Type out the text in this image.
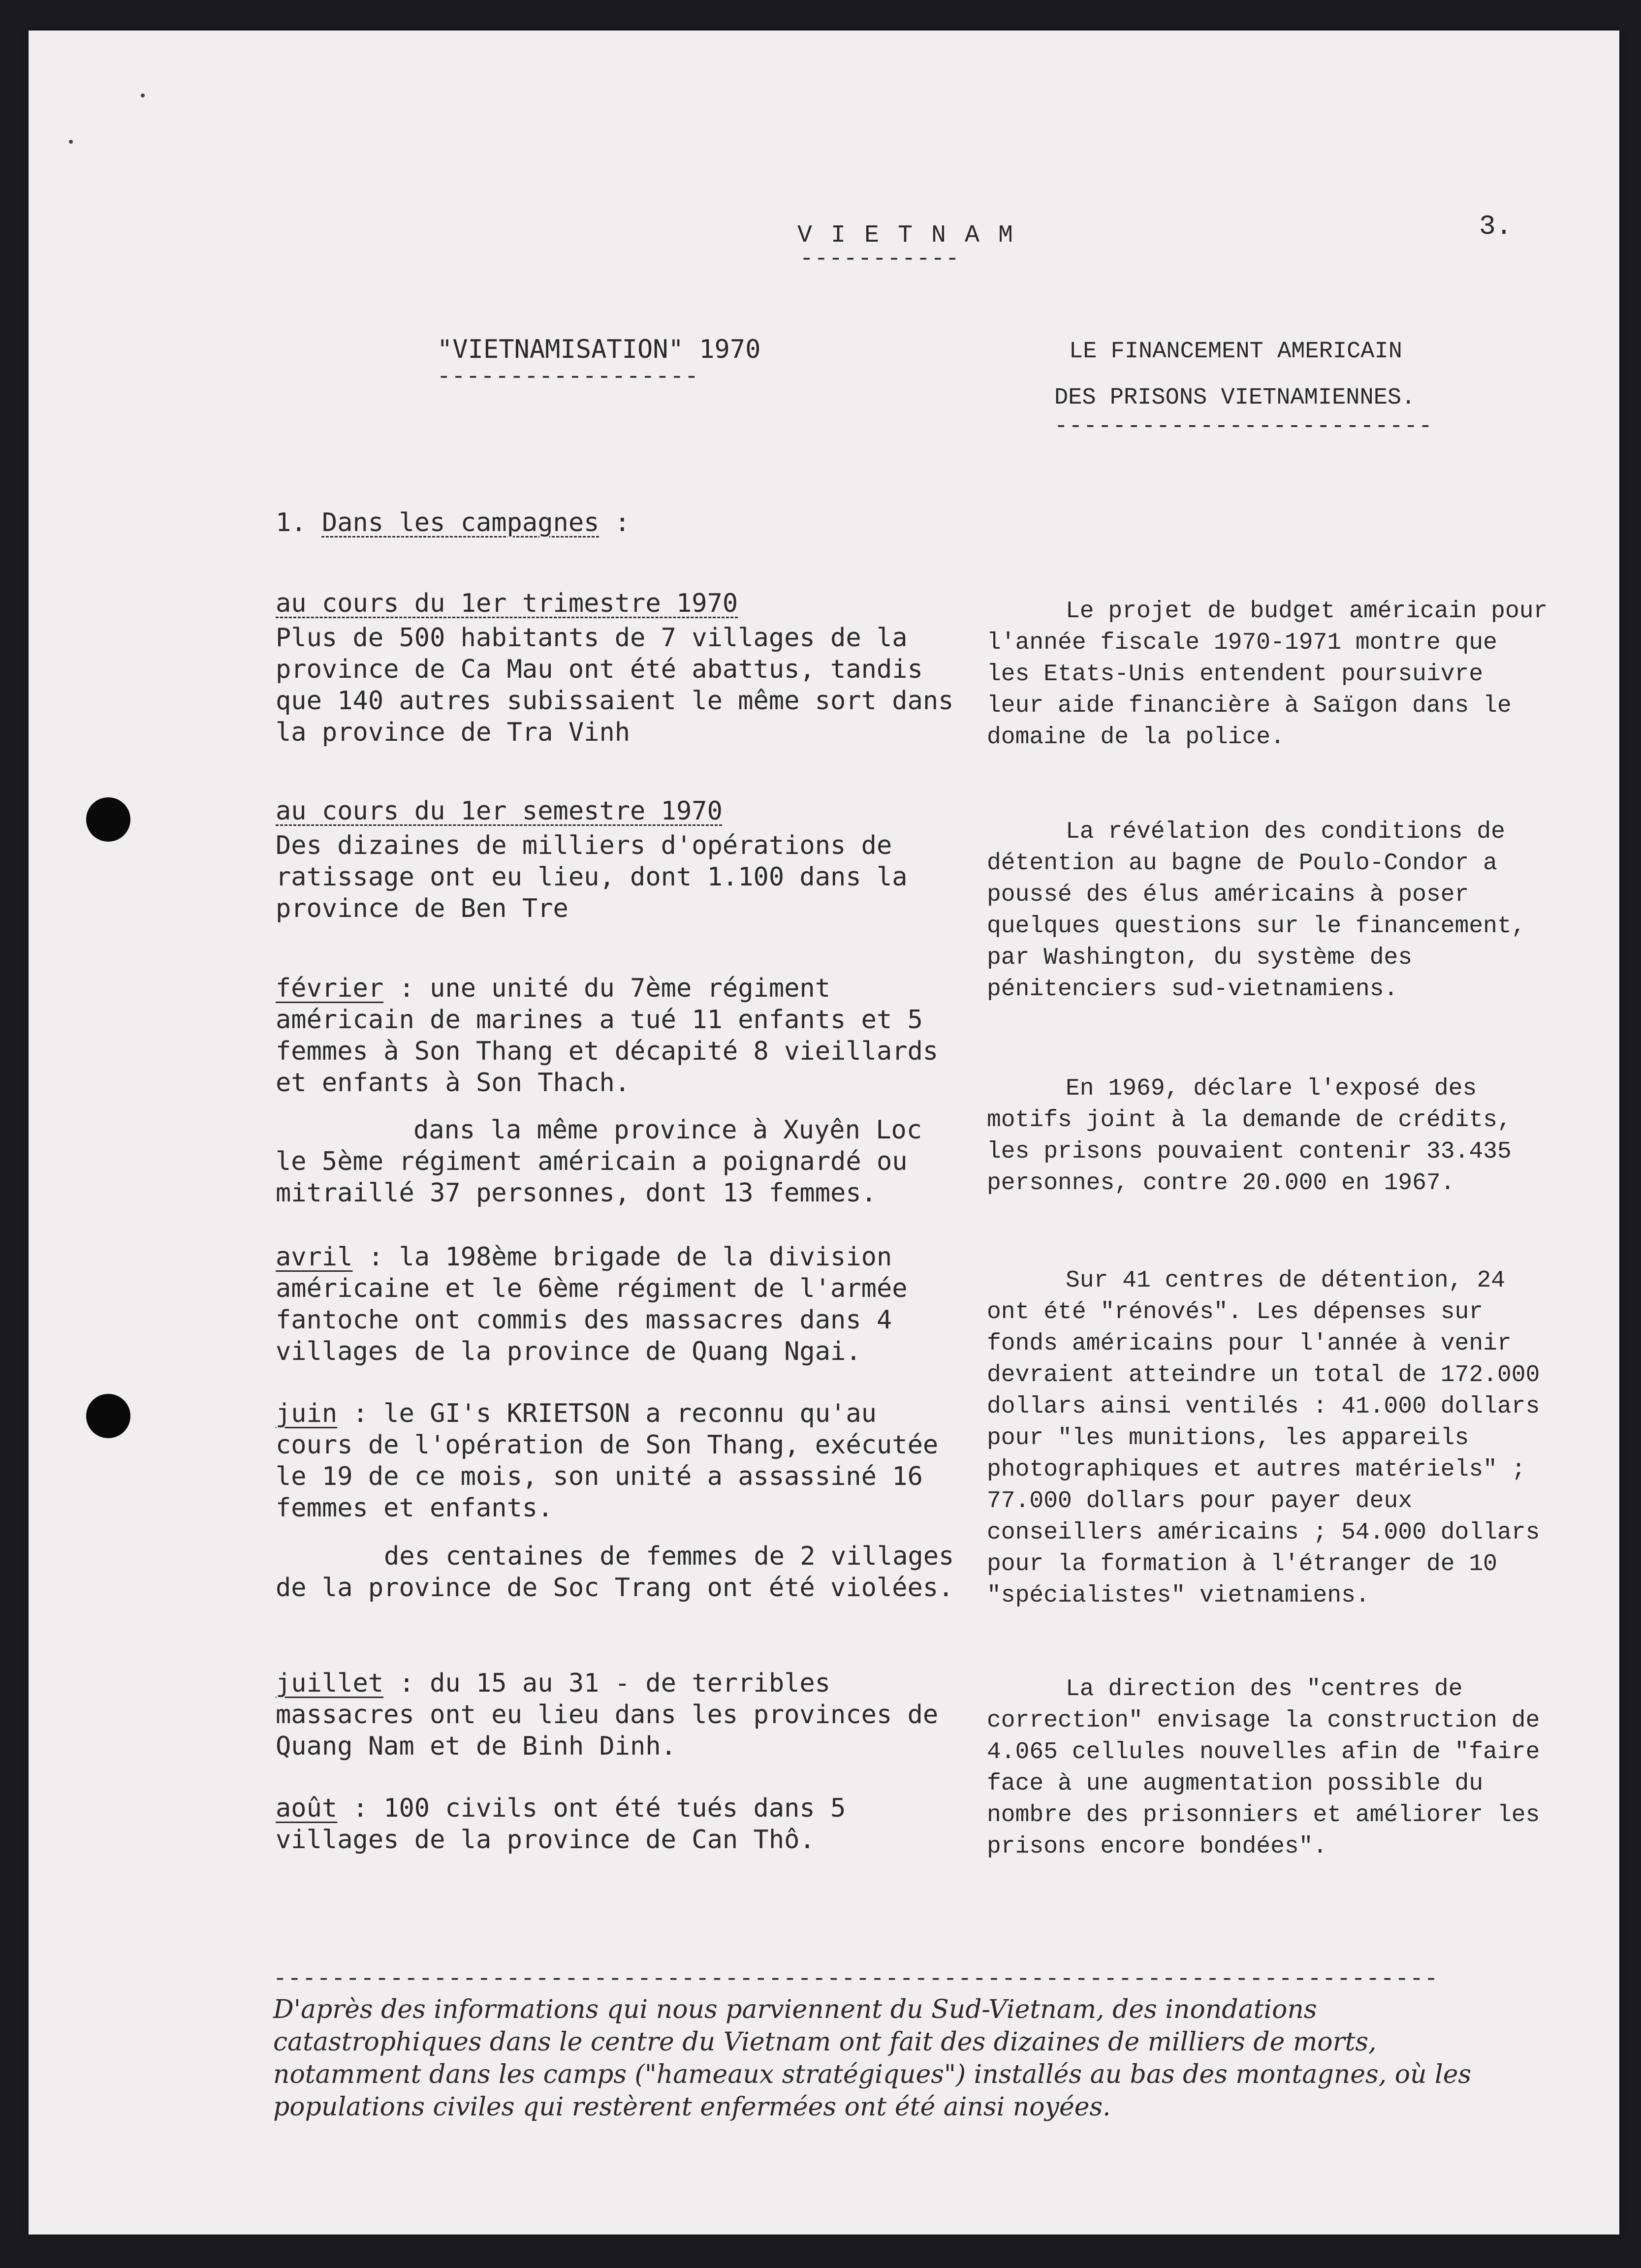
V I E T N A M
-----------
3.
"VIETNAMISATION" 1970
------------------
LE FINANCEMENT AMERICAIN
DES PRISONS VIETNAMIENNES.
--------------------------
1. Dans les campagnes :

au cours du 1er trimestre 1970

Plus de 500 habitants de 7 villages de la province de Ca Mau ont été abattus, tandis que 140 autres subissaient le même sort dans la province de Tra Vinh

au cours du 1er semestre 1970

Des dizaines de milliers d'opérations de ratissage ont eu lieu, dont 1.100 dans la province de Ben Tre

février : une unité du 7ème régiment américain de marines a tué 11 enfants et 5 femmes à Son Thang et décapité 8 vieillards et enfants à Son Thach.

dans la même province à Xuyên Loc le 5ème régiment américain a poignardé ou mitraillé 37 personnes, dont 13 femmes.

avril : la 198ème brigade de la division américaine et le 6ème régiment de l'armée fantoche ont commis des massacres dans 4 villages de la province de Quang Ngai.

juin : le GI's KRIETSON a reconnu qu'au cours de l'opération de Son Thang, exécutée le 19 de ce mois, son unité a assassiné 16 femmes et enfants.

des centaines de femmes de 2 villages de la province de Soc Trang ont été violées.

juillet : du 15 au 31 - de terribles massacres ont eu lieu dans les provinces de Quang Nam et de Binh Dinh.

août : 100 civils ont été tués dans 5 villages de la province de Can Thô.

Le projet de budget américain pour l'année fiscale 1970-1971 montre que les Etats-Unis entendent poursuivre leur aide financière à Saïgon dans le domaine de la police.

La révélation des conditions de détention au bagne de Poulo-Condor a poussé des élus américains à poser quelques questions sur le financement, par Washington, du système des pénitenciers sud-vietnamiens.

En 1969, déclare l'exposé des motifs joint à la demande de crédits, les prisons pouvaient contenir 33.435 personnes, contre 20.000 en 1967.

Sur 41 centres de détention, 24 ont été "rénovés". Les dépenses sur fonds américains pour l'année à venir devraient atteindre un total de 172.000 dollars ainsi ventilés : 41.000 dollars pour "les munitions, les appareils photographiques et autres matériels" ; 77.000 dollars pour payer deux conseillers américains ; 54.000 dollars pour la formation à l'étranger de 10 "spécialistes" vietnamiens.

La direction des "centres de correction" envisage la construction de 4.065 cellules nouvelles afin de "faire face à une augmentation possible du nombre des prisonniers et améliorer les prisons encore bondées".

--------------------------------------------------------------------------------
D'après des informations qui nous parviennent du Sud-Vietnam, des inondations catastrophiques dans le centre du Vietnam ont fait des dizaines de milliers de morts, notamment dans les camps ("hameaux stratégiques") installés au bas des montagnes, où les populations civiles qui restèrent enfermées ont été ainsi noyées.
